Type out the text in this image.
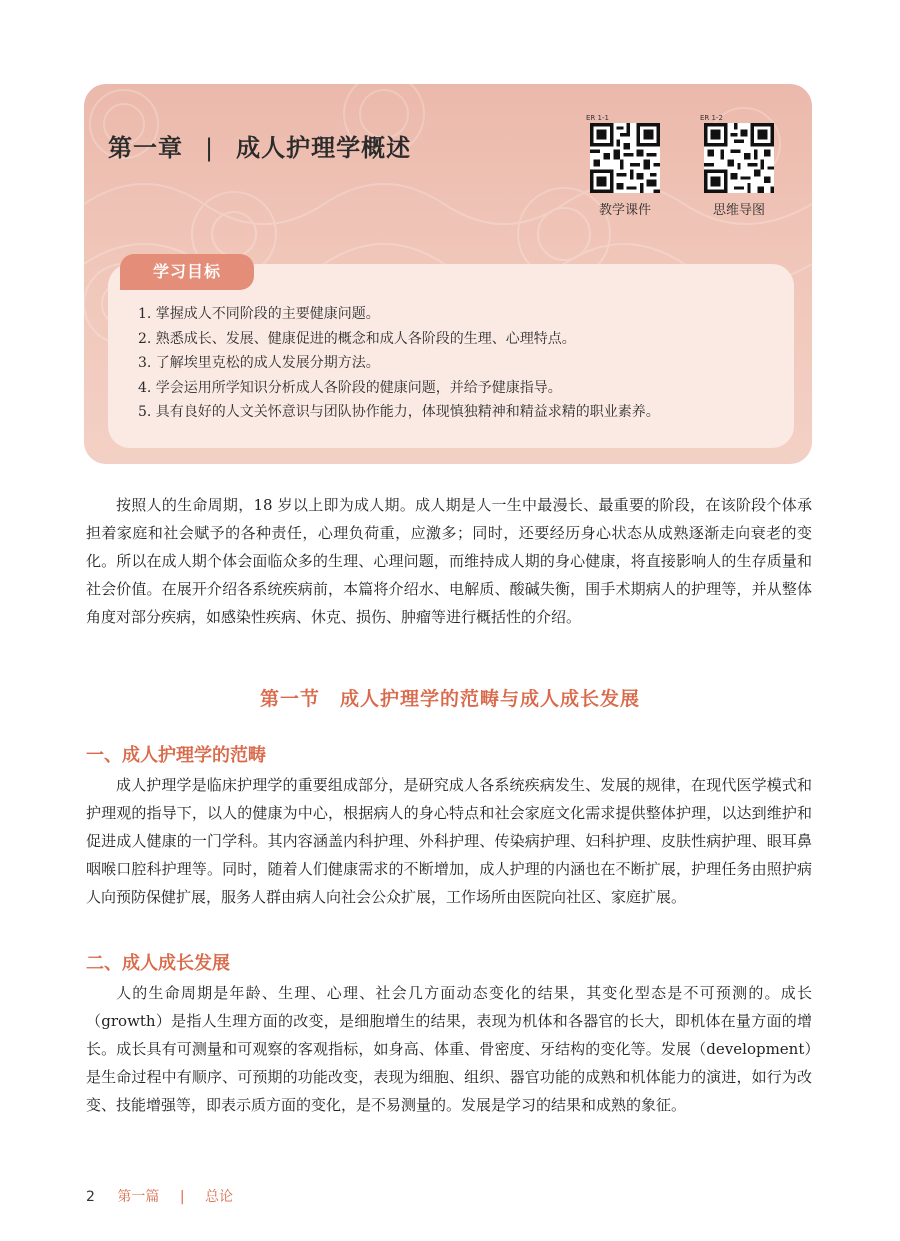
第一章 | 成人护理学概述
ER 1-1
教学课件
ER 1-2
思维导图
学习目标
1. 掌握成人不同阶段的主要健康问题。
2. 熟悉成长、发展、健康促进的概念和成人各阶段的生理、心理特点。
3. 了解埃里克松的成人发展分期方法。
4. 学会运用所学知识分析成人各阶段的健康问题，并给予健康指导。
5. 具有良好的人文关怀意识与团队协作能力，体现慎独精神和精益求精的职业素养。

按照人的生命周期，18 岁以上即为成人期。成人期是人一生中最漫长、最重要的阶段，在该阶段个体承担着家庭和社会赋予的各种责任，心理负荷重，应激多；同时，还要经历身心状态从成熟逐渐走向衰老的变化。所以在成人期个体会面临众多的生理、心理问题，而维持成人期的身心健康，将直接影响人的生存质量和社会价值。在展开介绍各系统疾病前，本篇将介绍水、电解质、酸碱失衡，围手术期病人的护理等，并从整体角度对部分疾病，如感染性疾病、休克、损伤、肿瘤等进行概括性的介绍。

第一节　成人护理学的范畴与成人成长发展
一、成人护理学的范畴

成人护理学是临床护理学的重要组成部分，是研究成人各系统疾病发生、发展的规律，在现代医学模式和护理观的指导下，以人的健康为中心，根据病人的身心特点和社会家庭文化需求提供整体护理，以达到维护和促进成人健康的一门学科。其内容涵盖内科护理、外科护理、传染病护理、妇科护理、皮肤性病护理、眼耳鼻咽喉口腔科护理等。同时，随着人们健康需求的不断增加，成人护理的内涵也在不断扩展，护理任务由照护病人向预防保健扩展，服务人群由病人向社会公众扩展，工作场所由医院向社区、家庭扩展。

二、成人成长发展

人的生命周期是年龄、生理、心理、社会几方面动态变化的结果，其变化型态是不可预测的。成长（growth）是指人生理方面的改变，是细胞增生的结果，表现为机体和各器官的长大，即机体在量方面的增长。成长具有可测量和可观察的客观指标，如身高、体重、骨密度、牙结构的变化等。发展（development）是生命过程中有顺序、可预期的功能改变，表现为细胞、组织、器官功能的成熟和机体能力的演进，如行为改变、技能增强等，即表示质方面的变化，是不易测量的。发展是学习的结果和成熟的象征。

2 第一篇 | 总论
